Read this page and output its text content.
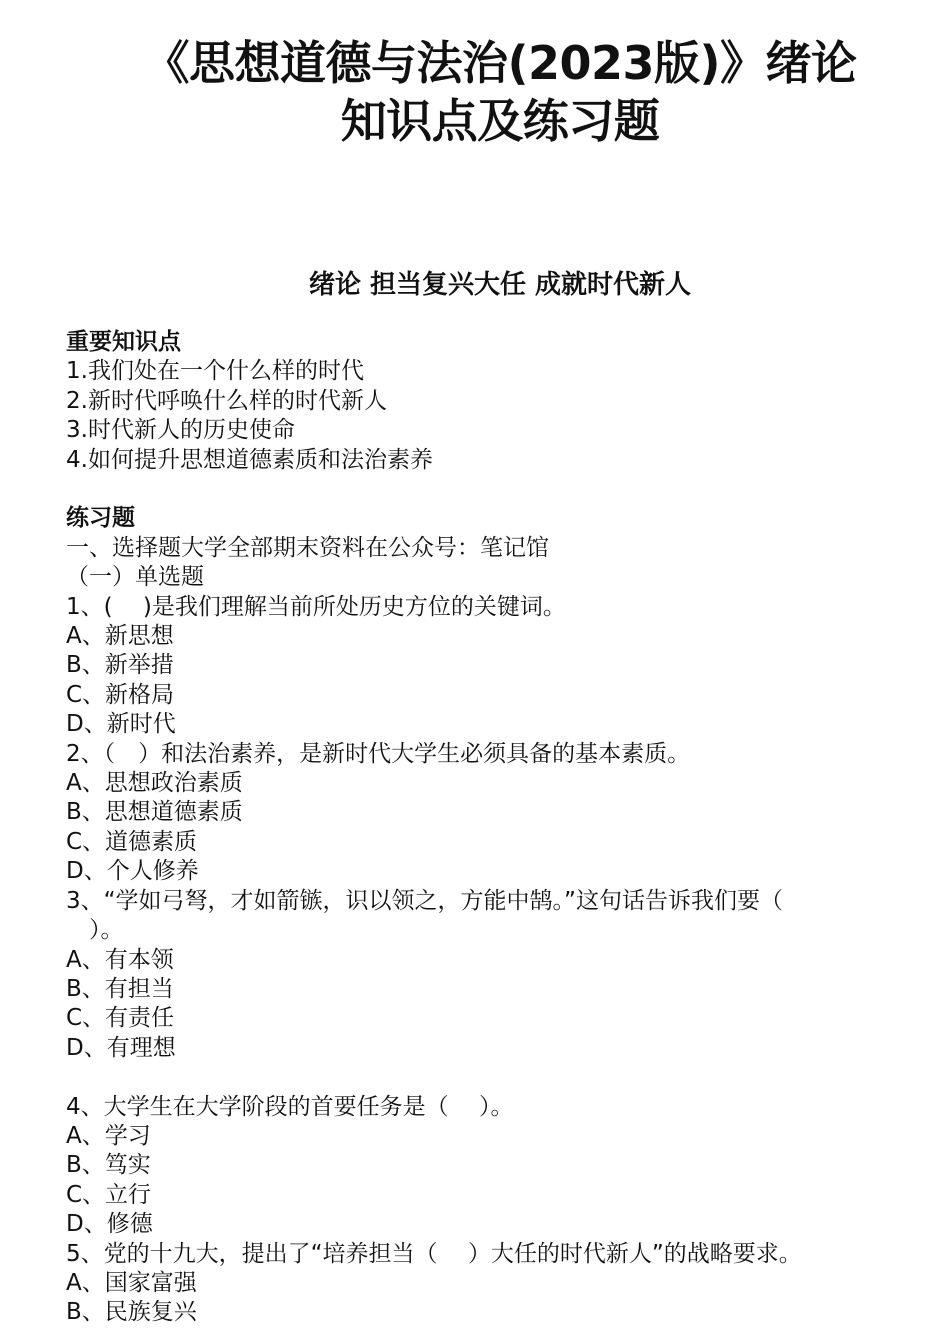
《思想道德与法治(2023版)》绪论
知识点及练习题
绪论 担当复兴大任 成就时代新人
重要知识点
1.我们处在一个什么样的时代
2.新时代呼唤什么样的时代新人
3.时代新人的历史使命
4.如何提升思想道德素质和法治素养
练习题
一、选择题大学全部期末资料在公众号：笔记馆
（一）单选题
1、(　 )是我们理解当前所处历史方位的关键词。
A、新思想
B、新举措
C、新格局
D、新时代
2、（　）和法治素养，是新时代大学生必须具备的基本素质。
A、思想政治素质
B、思想道德素质
C、道德素质
D、个人修养
3、“学如弓弩，才如箭镞，识以领之，方能中鹄。”这句话告诉我们要（
　）。
A、有本领
B、有担当
C、有责任
D、有理想
4、大学生在大学阶段的首要任务是（　 ）。
A、学习
B、笃实
C、立行
D、修德
5、党的十九大，提出了“培养担当（　 ）大任的时代新人”的战略要求。
A、国家富强
B、民族复兴
